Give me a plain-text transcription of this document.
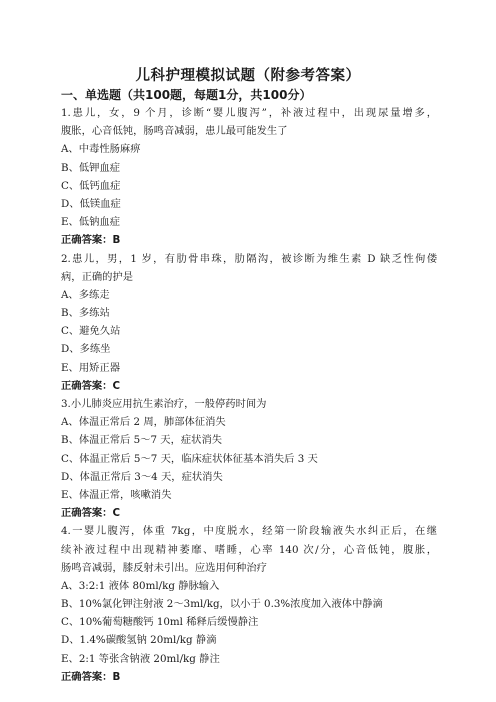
儿科护理模拟试题（附参考答案）
一、单选题（共100题，每题1分，共100分）
1.患儿，女，9 个月，诊断“婴儿腹泻”，补液过程中，出现尿量增多，
腹胀，心音低钝，肠鸣音减弱，患儿最可能发生了
A、中毒性肠麻痹
B、低钾血症
C、低钙血症
D、低镁血症
E、低钠血症
正确答案：B
2.患儿，男，1 岁，有肋骨串珠，肋隔沟，被诊断为维生素 D 缺乏性佝偻
病，正确的护是
A、多练走
B、多练站
C、避免久站
D、多练坐
E、用矫正器
正确答案：C
3.小儿肺炎应用抗生素治疗，一般停药时间为
A、体温正常后 2 周，肺部体征消失
B、体温正常后 5～7 天，症状消失
C、体温正常后 5～7 天，临床症状体征基本消失后 3 天
D、体温正常后 3～4 天，症状消失
E、体温正常，咳嗽消失
正确答案：C
4.一婴儿腹泻，体重 7kg，中度脱水，经第一阶段输液失水纠正后，在继
续补液过程中出现精神萎靡、嗜睡，心率 140 次/分，心音低钝，腹胀，
肠鸣音减弱，膝反射未引出。应选用何种治疗
A、3:2:1 液体 80ml/kg 静脉输入
B、10%氯化钾注射液 2～3ml/kg，以小于 0.3%浓度加入液体中静滴
C、10%葡萄糖酸钙 10ml 稀释后缓慢静注
D、1.4%碳酸氢钠 20ml/kg 静滴
E、2:1 等张含钠液 20ml/kg 静注
正确答案：B
